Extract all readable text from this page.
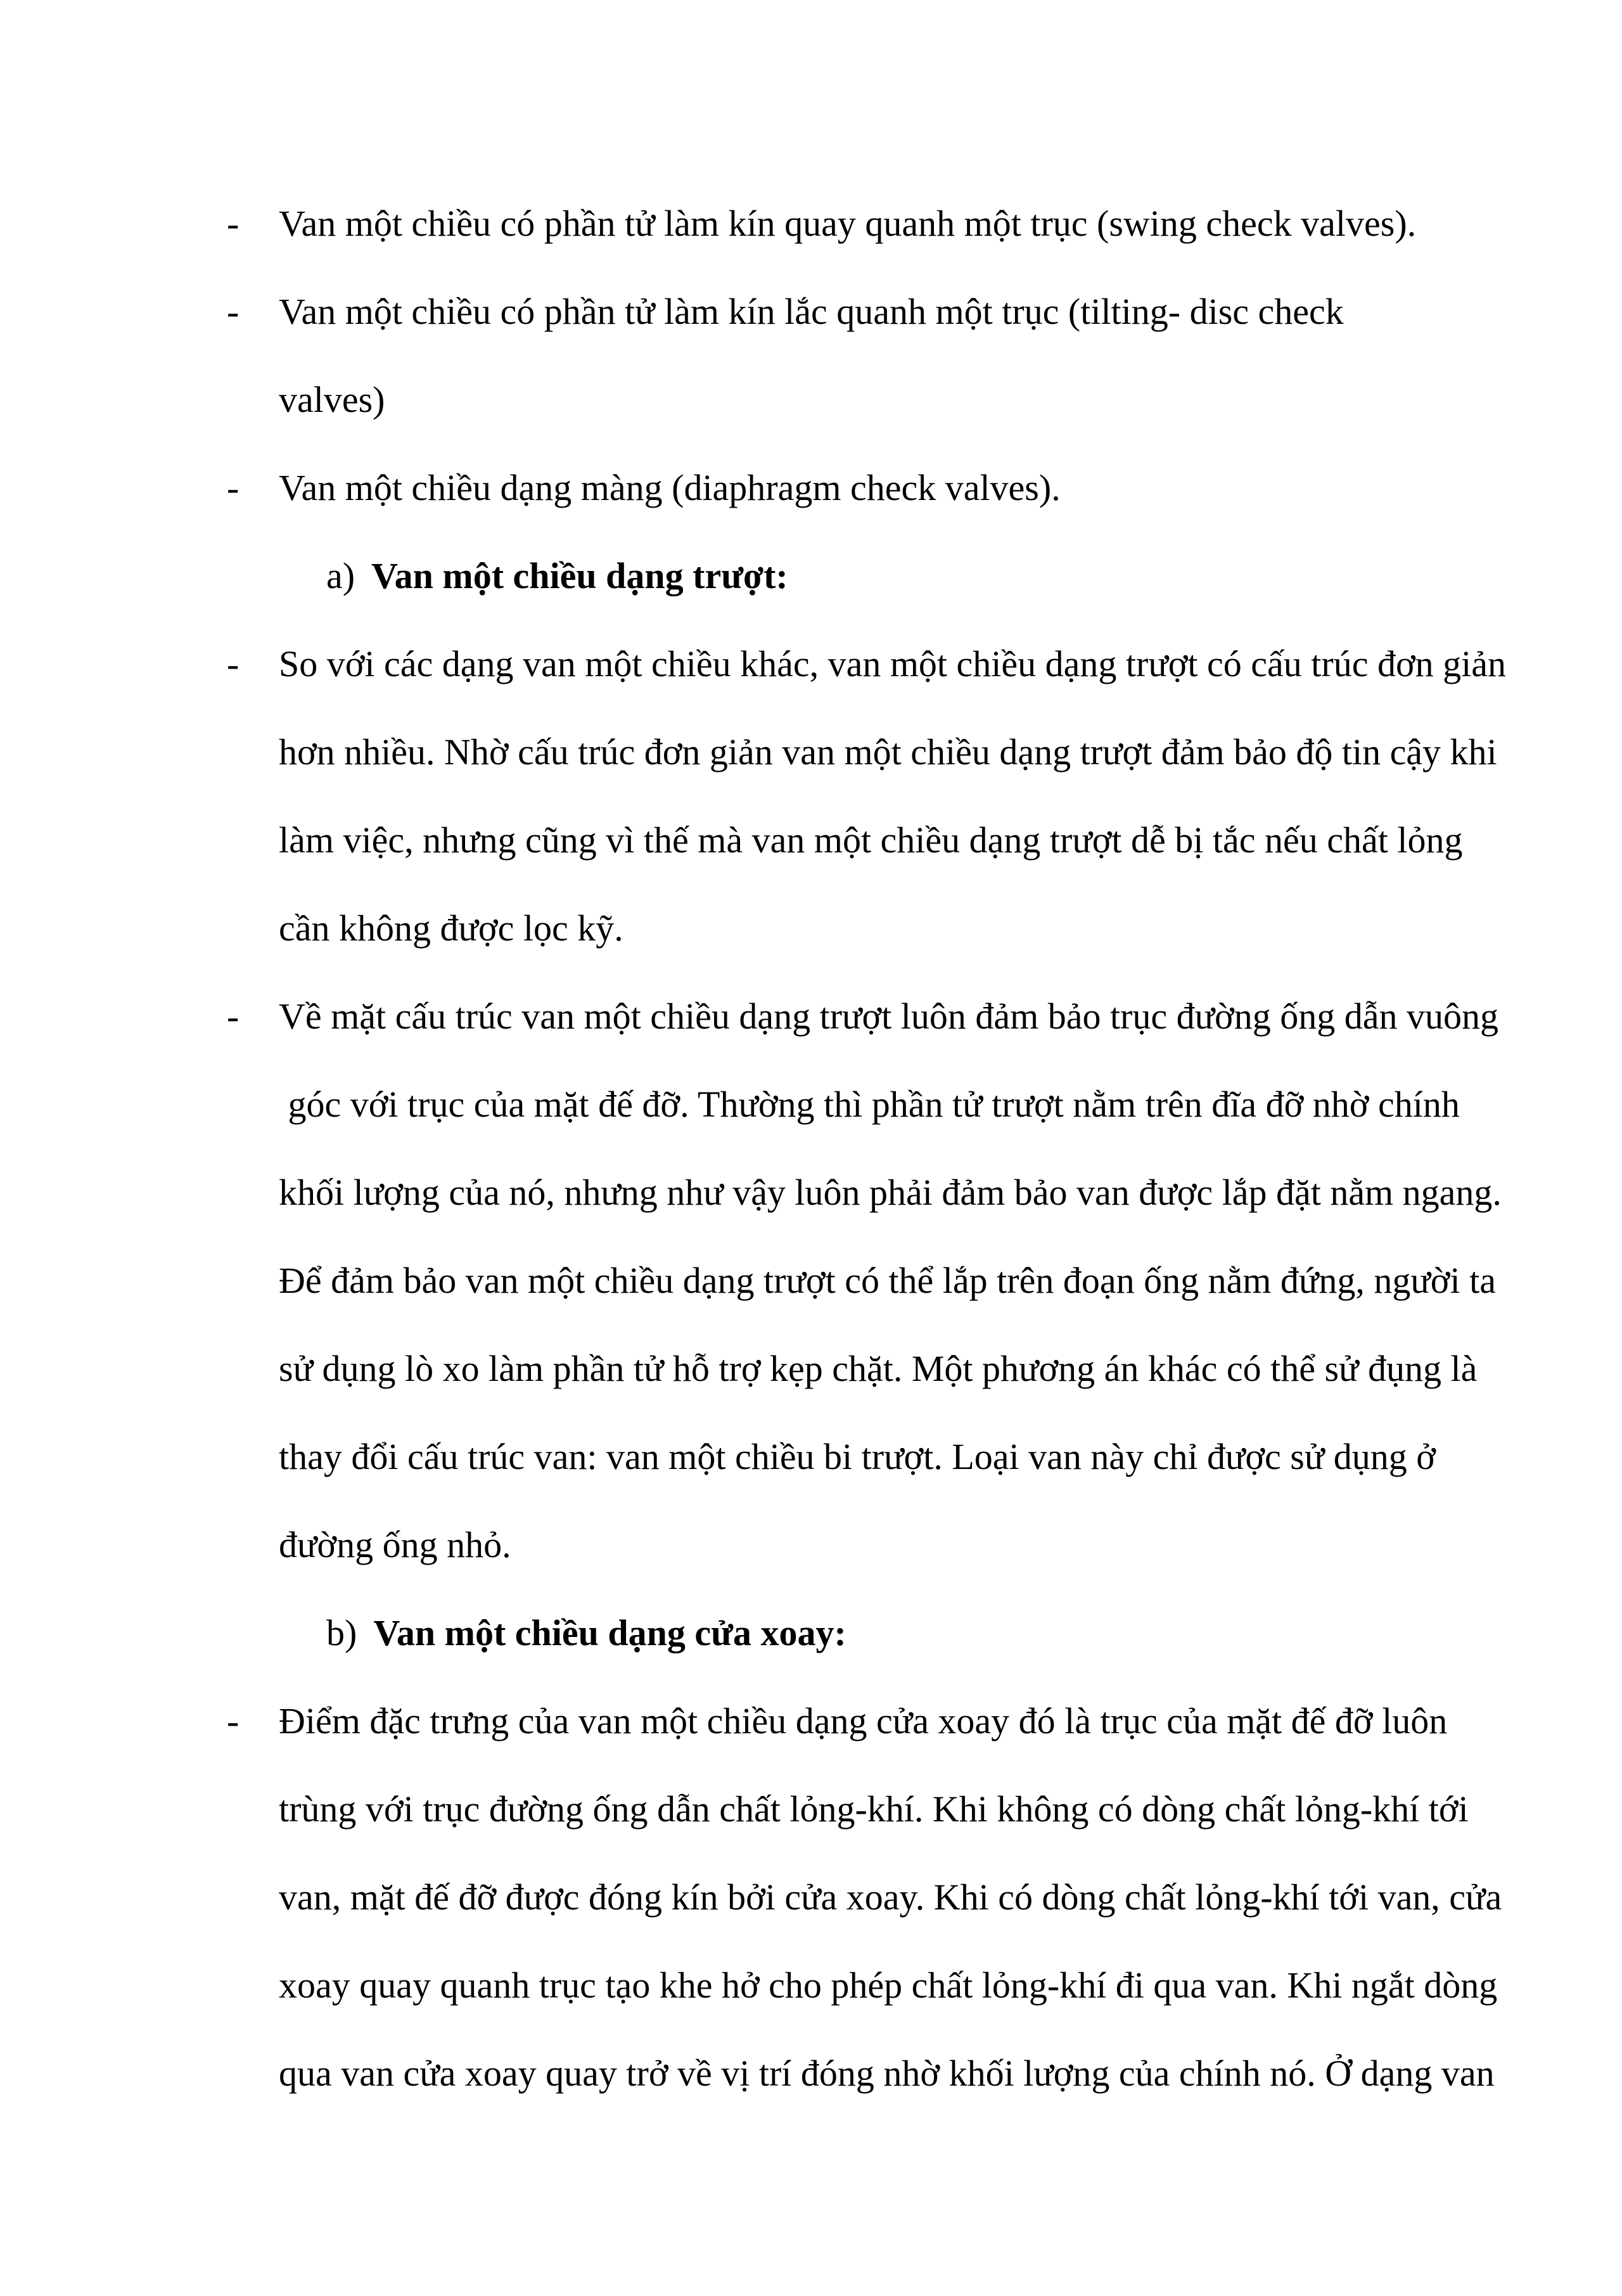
- Van một chiều có phần tử làm kín quay quanh một trục (swing check valves).
- Van một chiều có phần tử làm kín lắc quanh một trục (tilting- disc check
valves)
- Van một chiều dạng màng (diaphragm check valves).
a) Van một chiều dạng trượt:
- So với các dạng van một chiều khác, van một chiều dạng trượt có cấu trúc đơn giản
hơn nhiều. Nhờ cấu trúc đơn giản van một chiều dạng trượt đảm bảo độ tin cậy khi
làm việc, nhưng cũng vì thế mà van một chiều dạng trượt dễ bị tắc nếu chất lỏng
cần không được lọc kỹ.
- Về mặt cấu trúc van một chiều dạng trượt luôn đảm bảo trục đường ống dẫn vuông
góc với trục của mặt đế đỡ. Thường thì phần tử trượt nằm trên đĩa đỡ nhờ chính
khối lượng của nó, nhưng như vậy luôn phải đảm bảo van được lắp đặt nằm ngang.
Để đảm bảo van một chiều dạng trượt có thể lắp trên đoạn ống nằm đứng, người ta
sử dụng lò xo làm phần tử hỗ trợ kẹp chặt. Một phương án khác có thể sử đụng là
thay đổi cấu trúc van: van một chiều bi trượt. Loại van này chỉ được sử dụng ở
đường ống nhỏ.
b) Van một chiều dạng cửa xoay:
- Điểm đặc trưng của van một chiều dạng cửa xoay đó là trục của mặt đế đỡ luôn
trùng với trục đường ống dẫn chất lỏng-khí. Khi không có dòng chất lỏng-khí tới
van, mặt đế đỡ được đóng kín bởi cửa xoay. Khi có dòng chất lỏng-khí tới van, cửa
xoay quay quanh trục tạo khe hở cho phép chất lỏng-khí đi qua van. Khi ngắt dòng
qua van cửa xoay quay trở về vị trí đóng nhờ khối lượng của chính nó. Ở dạng van
